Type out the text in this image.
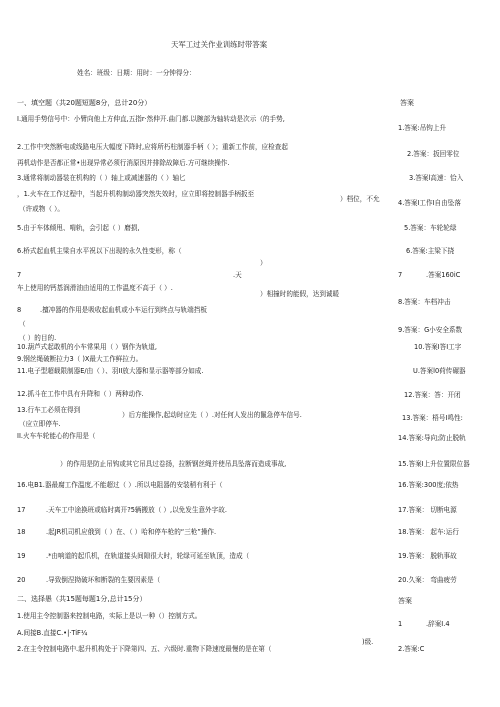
天军工过关作业训练时带答案
姓名：班级：日期：用时：一分钟得分：
一、填空题（共20题短题8分，总计20分）	答案
I.通用手势信号中：小臂向他上方伸直,五指r·然伸开.曲门都.以腕部为轴转动是次示（的手势,
2.工作中突然断电或线路电压大幅度下降时,应将所朽柱制器手柄（ ）；重新工作前，应检查起
再机动作是否都正常•出现异常必须行消原因并排除故障后.方可继续操作.
3.通常将制动器装在机构的（ ）轴上或减速器的（ ）轴匕
，1.火车在工作过程中，当起升机构制动器突然失效时，应立即将控制器手柄扳至
）档位，不允
（许或物（ ）。
5.由于车体倾甩、啃轨，会引起（ ）磨损,
6.桥式起血机主梁自水平祝以下出现的永久性变形，称（
）
7	.天
车上使用的钙基润滑油由适用的工作温度不高于（ ）.
）相撞时的能假，达到诚暖
8	.擅冲器的作用是吸收起血机或小车运行到终点与轨端挡板
（
（ ）的目的.
10.葫芦式起敢机的小车常果用（ ）钢作为轨道,
9.钢丝绳破断拉力3（ )X最大工作鲜拉力。
11.电子型超载限制器E/由（ ）、羽II放大器和显示器等部分如成.
12.抓斗在工作中具有升降和（ ）两种动作.
13.行车工必须在得到
）后方能操作,起动时应先（ ）.对任何人发出的鬣急停车信号.
（应立即停车.
II.火车车轮能心的作用是（
）的作用是防止吊钩或其它吊具过卷扬，拉断钢丝绳并使吊具坠落而造成事故,
16.电B1.器最腐工作温度,不能超过（ ）.所以电阻器的安装稍有利于（
17	.天车工中途换班或临时离开?5辆搬放（ ）,以免发生意外字故.
18	.起JR机司机应俄到（ ）在、（ ）哈和停车枪的“三枪”操作.
19	.*由响道的起爪机，在轨道接头间隙很大时，轮绿可延至轨顶，造成（
20	.导致倒涅拗破坏和断裂的生要因素是（
二、选择愚（共15题每题1分,总计15分）	答案
1.使用主令控制器来控制电路，实际上是以一种（）控制方式。
A.间接B.直接C.•|·TiF¼
2.在主令控制电路中.起升机构处于下降第四、五、六级时.重物下降速度最慢的是在第（
)级.
1.答案:吊钩上升
2.答案：扳回零位
3.答案l高速：恰入
4.答案I工作I自由坠落
5.答案：车轮轮绿
6.答案:主梁下挠
7	.答案160iC
8.答案：车档冲击
9.答案：G小安全系数
10.答案I答I工字
U.答案l0荷传碾器
12.答案：答：开闭
13.答案：梧号I鸣性:
14.答案:导向;防止脱轨
15.答案I上升位置限位器
16.答案:300度;依热
17.答案： 切断电源
18.答案： 起车:运行
19.答案： 脱轨事故
20.久案： 弯曲疲劳
1	.辞案I.4
2.答案:C
